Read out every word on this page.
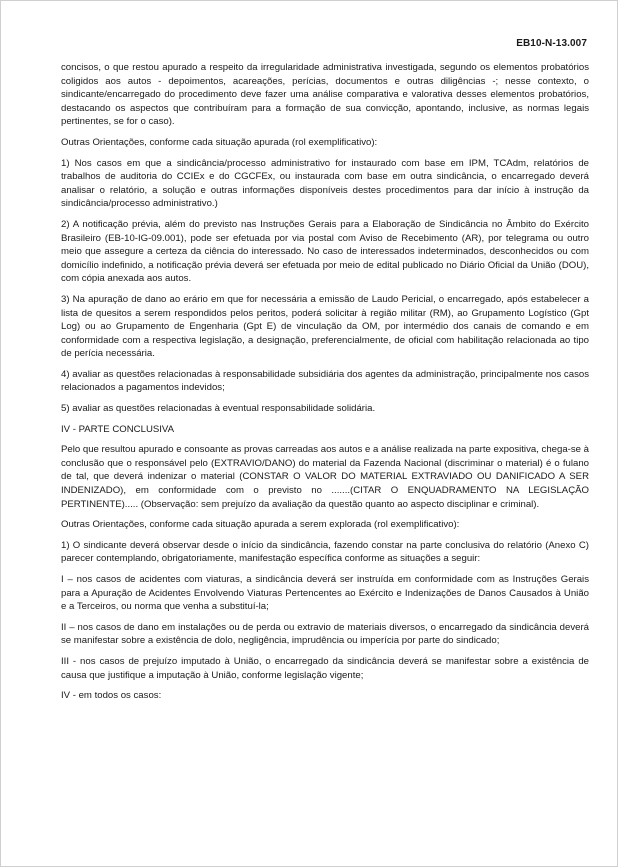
EB10-N-13.007

concisos, o que restou apurado a respeito da irregularidade administrativa investigada, segundo os elementos probatórios coligidos aos autos - depoimentos, acareações, perícias, documentos e outras diligências -; nesse contexto, o sindicante/encarregado do procedimento deve fazer uma análise comparativa e valorativa desses elementos probatórios, destacando os aspectos que contribuíram para a formação de sua convicção, apontando, inclusive, as normas legais pertinentes, se for o caso).

Outras Orientações, conforme cada situação apurada (rol exemplificativo):

1) Nos casos em que a sindicância/processo administrativo for instaurado com base em IPM, TCAdm, relatórios de trabalhos de auditoria do CCIEx e do CGCFEx, ou instaurada com base em outra sindicância, o encarregado deverá analisar o relatório, a solução e outras informações disponíveis destes procedimentos para dar início à instrução da sindicância/processo administrativo.)

2) A notificação prévia, além do previsto nas Instruções Gerais para a Elaboração de Sindicância no Âmbito do Exército Brasileiro (EB-10-IG-09.001), pode ser efetuada por via postal com Aviso de Recebimento (AR), por telegrama ou outro meio que assegure a certeza da ciência do interessado. No caso de interessados indeterminados, desconhecidos ou com domicílio indefinido, a notificação prévia deverá ser efetuada por meio de edital publicado no Diário Oficial da União (DOU), com cópia anexada aos autos.

3) Na apuração de dano ao erário em que for necessária a emissão de Laudo Pericial, o encarregado, após estabelecer a lista de quesitos a serem respondidos pelos peritos, poderá solicitar à região militar (RM), ao Grupamento Logístico (Gpt Log) ou ao Grupamento de Engenharia (Gpt E) de vinculação da OM, por intermédio dos canais de comando e em conformidade com a respectiva legislação, a designação, preferencialmente, de oficial com habilitação relacionada ao tipo de perícia necessária.

4) avaliar as questões relacionadas à responsabilidade subsidiária dos agentes da administração, principalmente nos casos relacionados a pagamentos indevidos;

5) avaliar as questões relacionadas à eventual responsabilidade solidária.

IV - PARTE CONCLUSIVA

Pelo que resultou apurado e consoante as provas carreadas aos autos e a análise realizada na parte expositiva, chega-se à conclusão que o responsável pelo (EXTRAVIO/DANO) do material da Fazenda Nacional (discriminar o material) é o fulano de tal, que deverá indenizar o material (CONSTAR O VALOR DO MATERIAL EXTRAVIADO OU DANIFICADO A SER INDENIZADO), em conformidade com o previsto no .......(CITAR O ENQUADRAMENTO NA LEGISLAÇÃO PERTINENTE)..... (Observação: sem prejuízo da avaliação da questão quanto ao aspecto disciplinar e criminal).

Outras Orientações, conforme cada situação apurada a serem explorada (rol exemplificativo):

1) O sindicante deverá observar desde o início da sindicância, fazendo constar na parte conclusiva do relatório (Anexo C) parecer contemplando, obrigatoriamente, manifestação específica conforme as situações a seguir:

I – nos casos de acidentes com viaturas, a sindicância deverá ser instruída em conformidade com as Instruções Gerais para a Apuração de Acidentes Envolvendo Viaturas Pertencentes ao Exército e Indenizações de Danos Causados à União e a Terceiros, ou norma que venha a substituí-la;

II – nos casos de dano em instalações ou de perda ou extravio de materiais diversos, o encarregado da sindicância deverá se manifestar sobre a existência de dolo, negligência, imprudência ou imperícia por parte do sindicado;

III - nos casos de prejuízo imputado à União, o encarregado da sindicância deverá se manifestar sobre a existência de causa que justifique a imputação à União, conforme legislação vigente;

IV - em todos os casos:
